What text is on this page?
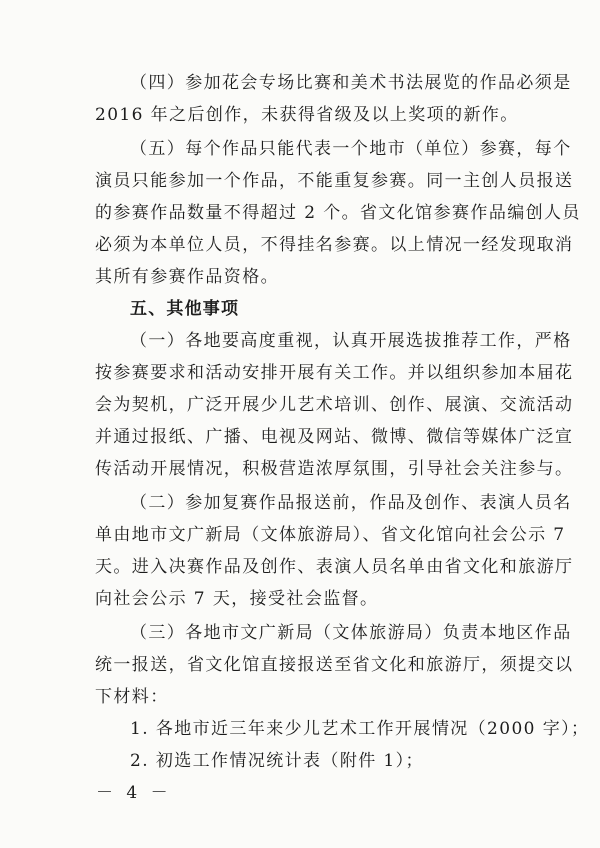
（四）参加花会专场比赛和美术书法展览的作品必须是
2016 年之后创作，未获得省级及以上奖项的新作。
（五）每个作品只能代表一个地市（单位）参赛，每个
演员只能参加一个作品，不能重复参赛。同一主创人员报送
的参赛作品数量不得超过 2 个。省文化馆参赛作品编创人员
必须为本单位人员，不得挂名参赛。以上情况一经发现取消
其所有参赛作品资格。
五、其他事项
（一）各地要高度重视，认真开展选拔推荐工作，严格
按参赛要求和活动安排开展有关工作。并以组织参加本届花
会为契机，广泛开展少儿艺术培训、创作、展演、交流活动
并通过报纸、广播、电视及网站、微博、微信等媒体广泛宣
传活动开展情况，积极营造浓厚氛围，引导社会关注参与。
（二）参加复赛作品报送前，作品及创作、表演人员名
单由地市文广新局（文体旅游局）、省文化馆向社会公示 7
天。进入决赛作品及创作、表演人员名单由省文化和旅游厅
向社会公示 7 天，接受社会监督。
（三）各地市文广新局（文体旅游局）负责本地区作品
统一报送，省文化馆直接报送至省文化和旅游厅，须提交以
下材料：
1. 各地市近三年来少儿艺术工作开展情况（2000 字）；
2. 初选工作情况统计表（附件 1）；
－ 4 －
